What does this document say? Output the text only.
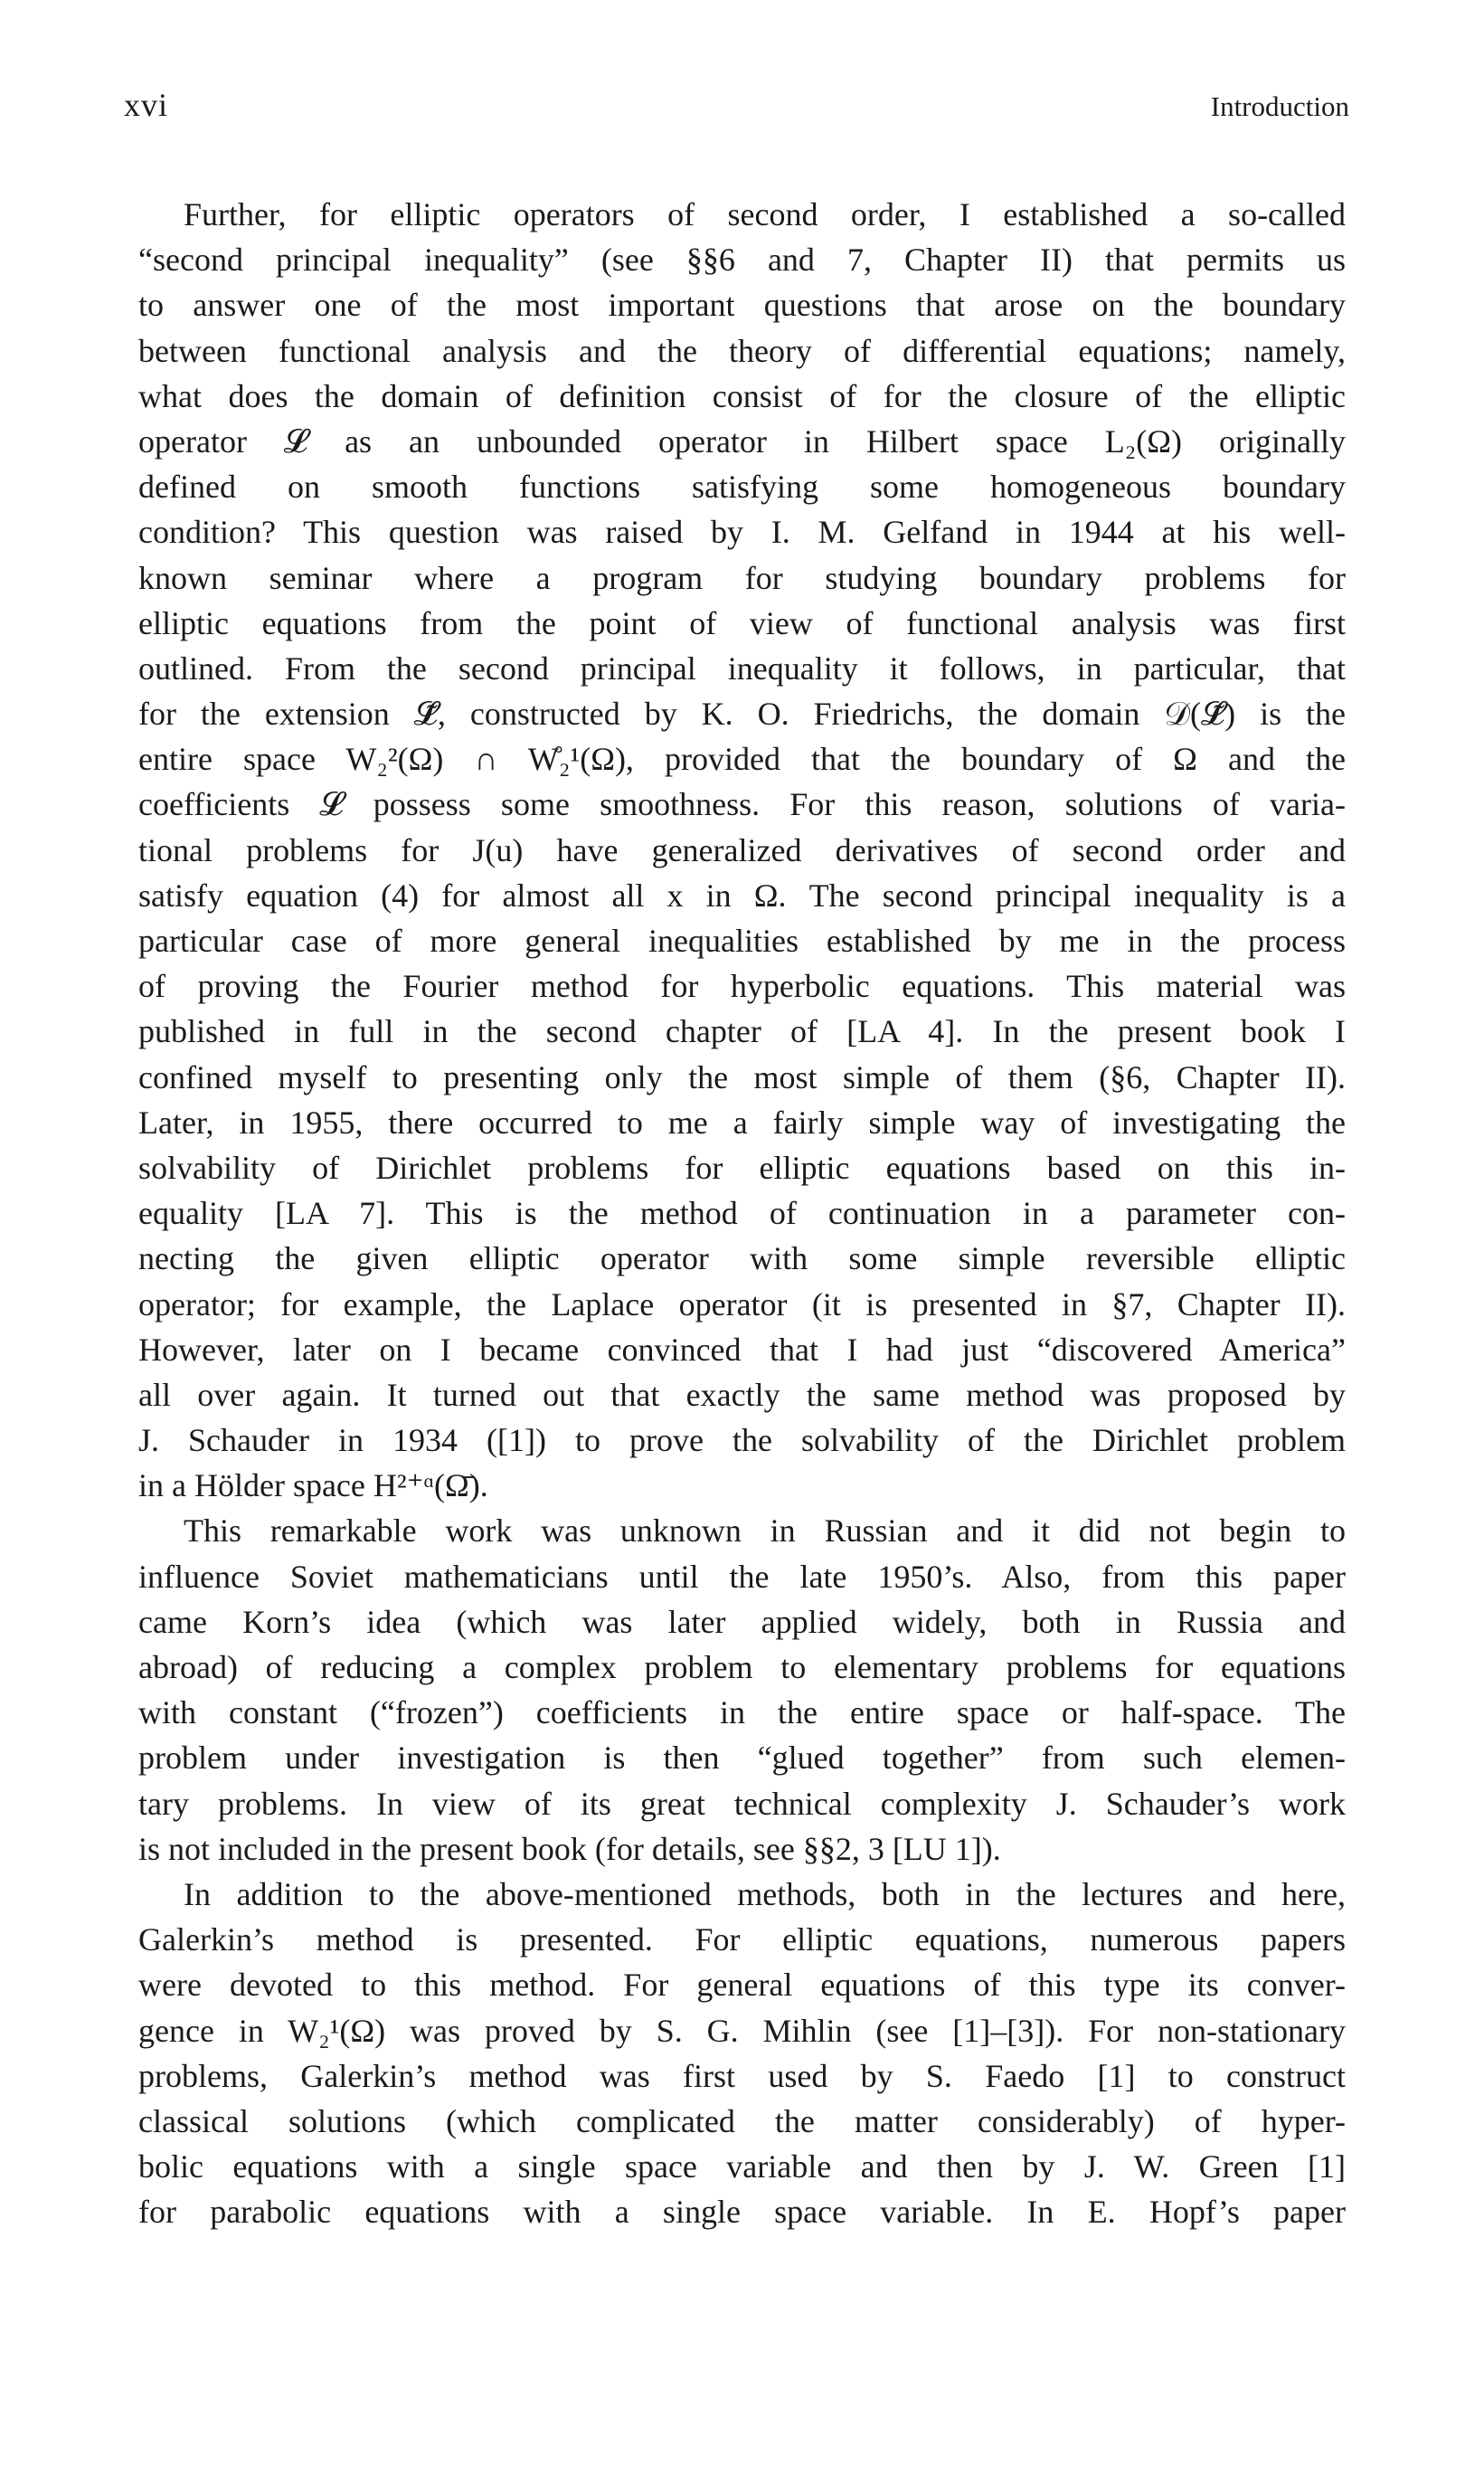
xvi	Introduction
Further, for elliptic operators of second order, I established a so-called
“second principal inequality” (see §§6 and 7, Chapter II) that permits us
to answer one of the most important questions that arose on the boundary
between functional analysis and the theory of differential equations; namely,
what does the domain of definition consist of for the closure of the elliptic
operator 𝓛 as an unbounded operator in Hilbert space L₂(Ω) originally
defined on smooth functions satisfying some homogeneous boundary
condition? This question was raised by I. M. Gelfand in 1944 at his well-
known seminar where a program for studying boundary problems for
elliptic equations from the point of view of functional analysis was first
outlined. From the second principal inequality it follows, in particular, that
for the extension 𝓛̃, constructed by K. O. Friedrichs, the domain 𝒟(𝓛̃) is the
entire space W₂²(Ω) ∩ W̊₂¹(Ω), provided that the boundary of Ω and the
coefficients 𝓛 possess some smoothness. For this reason, solutions of varia-
tional problems for J(u) have generalized derivatives of second order and
satisfy equation (4) for almost all x in Ω. The second principal inequality is a
particular case of more general inequalities established by me in the process
of proving the Fourier method for hyperbolic equations. This material was
published in full in the second chapter of [LA 4]. In the present book I
confined myself to presenting only the most simple of them (§6, Chapter II).
Later, in 1955, there occurred to me a fairly simple way of investigating the
solvability of Dirichlet problems for elliptic equations based on this in-
equality [LA 7]. This is the method of continuation in a parameter con-
necting the given elliptic operator with some simple reversible elliptic
operator; for example, the Laplace operator (it is presented in §7, Chapter II).
However, later on I became convinced that I had just “discovered America”
all over again. It turned out that exactly the same method was proposed by
J. Schauder in 1934 ([1]) to prove the solvability of the Dirichlet problem
in a Hölder space H²⁺ᵅ(Ω̄).
This remarkable work was unknown in Russian and it did not begin to
influence Soviet mathematicians until the late 1950’s. Also, from this paper
came Korn’s idea (which was later applied widely, both in Russia and
abroad) of reducing a complex problem to elementary problems for equations
with constant (“frozen”) coefficients in the entire space or half-space. The
problem under investigation is then “glued together” from such elemen-
tary problems. In view of its great technical complexity J. Schauder’s work
is not included in the present book (for details, see §§2, 3 [LU 1]).
In addition to the above-mentioned methods, both in the lectures and here,
Galerkin’s method is presented. For elliptic equations, numerous papers
were devoted to this method. For general equations of this type its conver-
gence in W₂¹(Ω) was proved by S. G. Mihlin (see [1]–[3]). For non-stationary
problems, Galerkin’s method was first used by S. Faedo [1] to construct
classical solutions (which complicated the matter considerably) of hyper-
bolic equations with a single space variable and then by J. W. Green [1]
for parabolic equations with a single space variable. In E. Hopf’s paper
